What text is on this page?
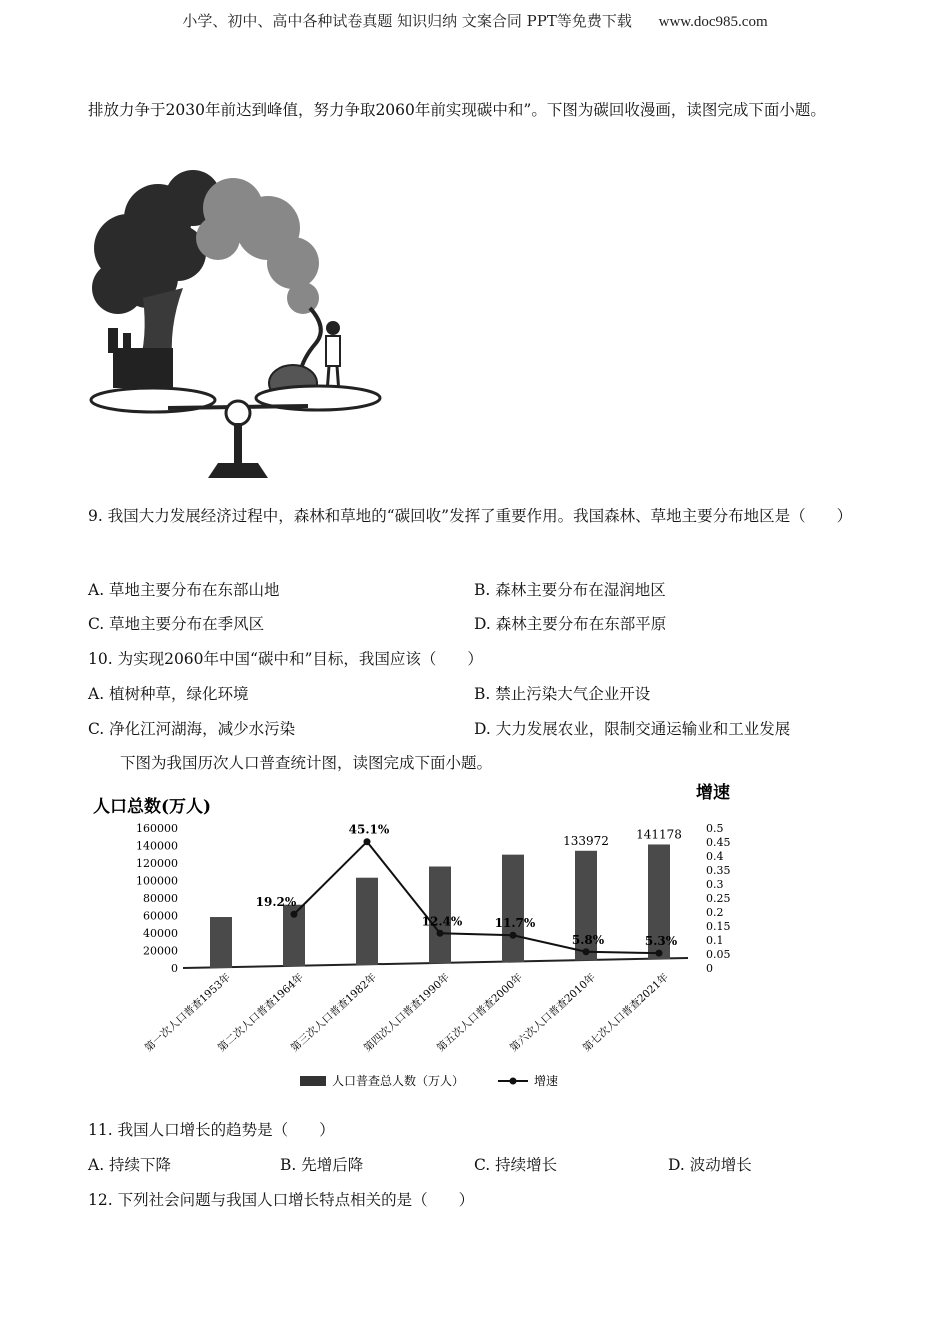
小学、初中、高中各种试卷真题 知识归纳 文案合同 PPT等免费下载 www.doc985.com
排放力争于2030年前达到峰值，努力争取2060年前实现碳中和”。下图为碳回收漫画，读图完成下面小题。
9. 我国大力发展经济过程中，森林和草地的“碳回收”发挥了重要作用。我国森林、草地主要分布地区是（　　）
A. 草地主要分布在东部山地	B. 森林主要分布在湿润地区
C. 草地主要分布在季风区	D. 森林主要分布在东部平原
10. 为实现2060年中国“碳中和”目标，我国应该（　　）
A. 植树种草，绿化环境	B. 禁止污染大气企业开设
C. 净化江河湖海，减少水污染	D. 大力发展农业，限制交通运输业和工业发展
下图为我国历次人口普查统计图，读图完成下面小题。
人口总数(万人)
增速
160000
140000
120000
100000
80000
60000
40000
20000
0
0.5
0.45
0.4
0.35
0.3
0.25
0.2
0.15
0.1
0.05
0
133972 141178
19.2%
45.1%
12.4%	11.7%
5.8%	5.3%
第一次人口普查1953年
第二次人口普查1964年
第三次人口普查1982年
第四次人口普查1990年
第五次人口普查2000年
第六次人口普查2010年
第七次人口普查2021年
人口普查总人数（万人）	增速
11. 我国人口增长的趋势是（　　）
A. 持续下降	B. 先增后降	C. 持续增长	D. 波动增长
12. 下列社会问题与我国人口增长特点相关的是（　　）
